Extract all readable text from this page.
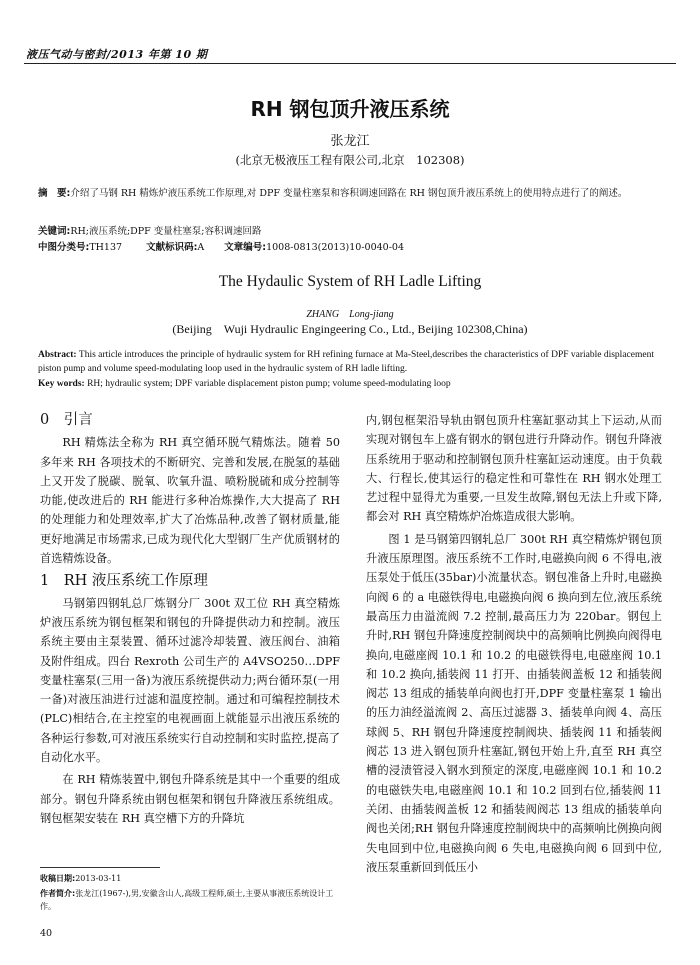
液压气动与密封/2013 年第 10 期
RH 钢包顶升液压系统
张龙江
(北京无极液压工程有限公司,北京　102308)
摘　要:介绍了马钢 RH 精炼炉液压系统工作原理,对 DPF 变量柱塞泵和容积调速回路在 RH 钢包顶升液压系统上的使用特点进行了的阐述。
关键词:RH;液压系统;DPF 变量柱塞泵;容积调速回路
中图分类号:TH137	文献标识码:A 文章编号:1008-0813(2013)10-0040-04
The Hydaulic System of RH Ladle Lifting
ZHANG　Long-jiang
(Beijing　Wuji Hydraulic Engingeering Co., Ltd., Beijing 102308,China)
Abstract: This article introduces the principle of hydraulic system for RH refining furnace at Ma-Steel,describes the characteristics of DPF variable displacement piston pump and volume speed-modulating loop used in the hydraulic system of RH ladle lifting.
Key words: RH; hydraulic system; DPF variable displacement piston pump; volume speed-modulating loop
0　引言

RH 精炼法全称为 RH 真空循环脱气精炼法。随着 50 多年来 RH 各项技术的不断研究、完善和发展,在脱氢的基础上又开发了脱碳、脱氧、吹氧升温、喷粉脱硫和成分控制等功能,使改进后的 RH 能进行多种冶炼操作,大大提高了 RH 的处理能力和处理效率,扩大了冶炼品种,改善了钢材质量,能更好地满足市场需求,已成为现代化大型钢厂生产优质钢材的首选精炼设备。

1　RH 液压系统工作原理

马钢第四钢轧总厂炼钢分厂 300t 双工位 RH 真空精炼炉液压系统为钢包框架和钢包的升降提供动力和控制。液压系统主要由主泵装置、循环过滤冷却装置、液压阀台、油箱及附件组成。四台 Rexroth 公司生产的 A4VSO250…DPF 变量柱塞泵(三用一备)为液压系统提供动力;两台循环泵(一用一备)对液压油进行过滤和温度控制。通过和可编程控制技术(PLC)相结合,在主控室的电视画面上就能显示出液压系统的各种运行参数,可对液压系统实行自动控制和实时监控,提高了自动化水平。

在 RH 精炼装置中,钢包升降系统是其中一个重要的组成部分。钢包升降系统由钢包框架和钢包升降液压系统组成。钢包框架安装在 RH 真空槽下方的升降坑

内,钢包框架沿导轨由钢包顶升柱塞缸驱动其上下运动,从而实现对钢包车上盛有钢水的钢包进行升降动作。钢包升降液压系统用于驱动和控制钢包顶升柱塞缸运动速度。由于负载大、行程长,使其运行的稳定性和可靠性在 RH 钢水处理工艺过程中显得尤为重要,一旦发生故障,钢包无法上升或下降,都会对 RH 真空精炼炉冶炼造成很大影响。

图 1 是马钢第四钢轧总厂 300t RH 真空精炼炉钢包顶升液压原理图。液压系统不工作时,电磁换向阀 6 不得电,液压泵处于低压(35bar)小流量状态。钢包准备上升时,电磁换向阀 6 的 a 电磁铁得电,电磁换向阀 6 换向到左位,液压系统最高压力由溢流阀 7.2 控制,最高压力为 220bar。钢包上升时,RH 钢包升降速度控制阀块中的高频响比例换向阀得电换向,电磁座阀 10.1 和 10.2 的电磁铁得电,电磁座阀 10.1 和 10.2 换向,插装阀 11 打开、由插装阀盖板 12 和插装阀阀芯 13 组成的插装单向阀也打开,DPF 变量柱塞泵 1 输出的压力油经溢流阀 2、高压过滤器 3、插装单向阀 4、高压球阀 5、RH 钢包升降速度控制阀块、插装阀 11 和插装阀阀芯 13 进入钢包顶升柱塞缸,钢包开始上升,直至 RH 真空槽的浸渍管浸入钢水到预定的深度,电磁座阀 10.1 和 10.2 的电磁铁失电,电磁座阀 10.1 和 10.2 回到右位,插装阀 11 关闭、由插装阀盖板 12 和插装阀阀芯 13 组成的插装单向阀也关闭;RH 钢包升降速度控制阀块中的高频响比例换向阀失电回到中位,电磁换向阀 6 失电,电磁换向阀 6 回到中位,液压泵重新回到低压小

收稿日期:2013-03-11
作者简介:张龙江(1967-),男,安徽含山人,高级工程师,硕士,主要从事液压系统设计工作。
40
